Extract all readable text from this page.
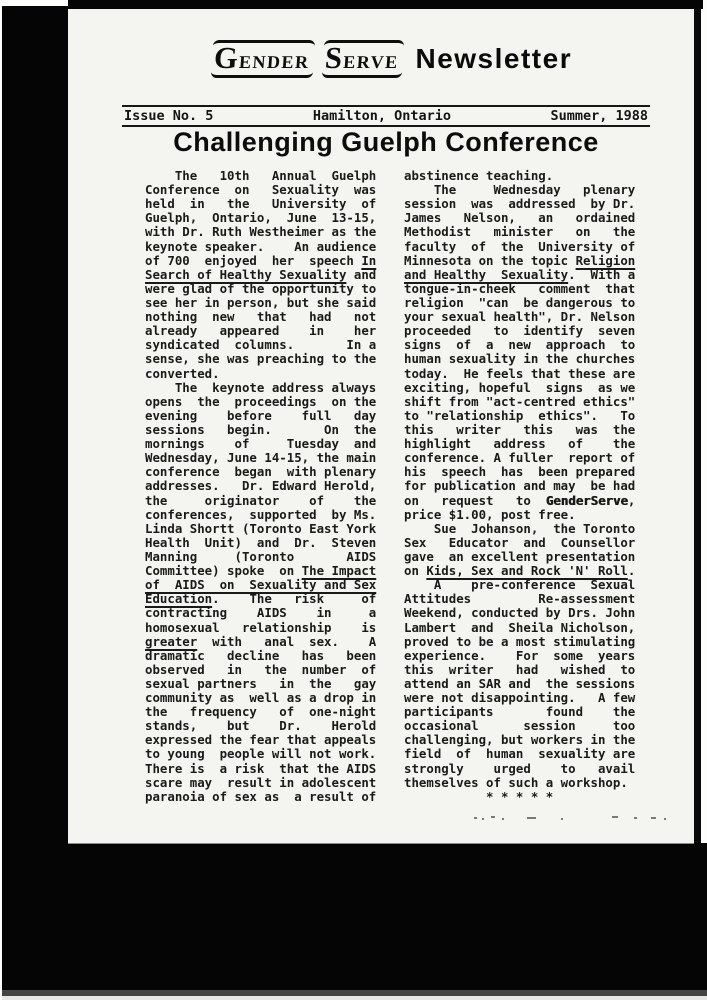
Gender Serve Newsletter
Issue No. 5	Hamilton, Ontario	Summer, 1988
Challenging Guelph Conference
The   10th   Annual  Guelph
Conference  on   Sexuality  was
held  in   the   University  of
Guelph,  Ontario,  June  13-15,
with Dr. Ruth Westheimer as the
keynote speaker.    An audience
of 700  enjoyed  her  speech In
Search of Healthy Sexuality and
were glad of the opportunity to
see her in person, but she said
nothing  new   that   had   not
already   appeared    in    her
syndicated  columns.       In a
sense, she was preaching to the
converted.
The  keynote address always
opens  the  proceedings  on the
evening    before    full   day
sessions   begin.       On  the
mornings    of     Tuesday  and
Wednesday, June 14-15, the main
conference  began  with plenary
addresses.   Dr. Edward Herold,
the     originator    of    the
conferences,  supported  by Ms.
Linda Shortt (Toronto East York
Health  Unit)  and  Dr.  Steven
Manning     (Toronto       AIDS
Committee) spoke  on The Impact
of  AIDS  on  Sexuality and Sex
Education.    The   risk     of
contracting    AIDS    in     a
homosexual   relationship    is
greater  with   anal  sex.    A
dramatic   decline   has   been
observed   in   the  number  of
sexual partners   in  the   gay
community as  well as a drop in
the   frequency   of  one-night
stands,    but    Dr.    Herold
expressed the fear that appeals
to young  people will not work.
There is  a risk  that the AIDS
scare may  result in adolescent
paranoia of sex as  a result of
abstinence teaching.
The     Wednesday   plenary
session  was  addressed  by Dr.
James   Nelson,   an   ordained
Methodist   minister   on   the
faculty  of  the  University of
Minnesota on the topic Religion
and Healthy  Sexuality.  With a
tongue-in-cheek   comment  that
religion  "can  be dangerous to
your sexual health", Dr. Nelson
proceeded   to  identify  seven
signs  of  a  new  approach  to
human sexuality in the churches
today.  He feels that these are
exciting, hopeful  signs  as we
shift from "act-centred ethics"
to "relationship  ethics".   To
this   writer   this   was  the
highlight   address   of    the
conference. A fuller  report of
his  speech  has  been prepared
for publication and may  be had
on   request   to  GenderServe,
price $1.00, post free.
Sue  Johanson,  the Toronto
Sex   Educator  and  Counsellor
gave  an excellent presentation
on Kids, Sex and Rock 'N' Roll.
A    pre-conference  Sexual
Attitudes         Re-assessment
Weekend, conducted by Drs. John
Lambert  and  Sheila Nicholson,
proved to be a most stimulating
experience.    For  some  years
this  writer   had   wished  to
attend an SAR and  the sessions
were not disappointing.   A few
participants       found    the
occasional      session     too
challenging, but workers in the
field  of  human  sexuality are
strongly    urged    to   avail
themselves of such a workshop.
* * * * *
